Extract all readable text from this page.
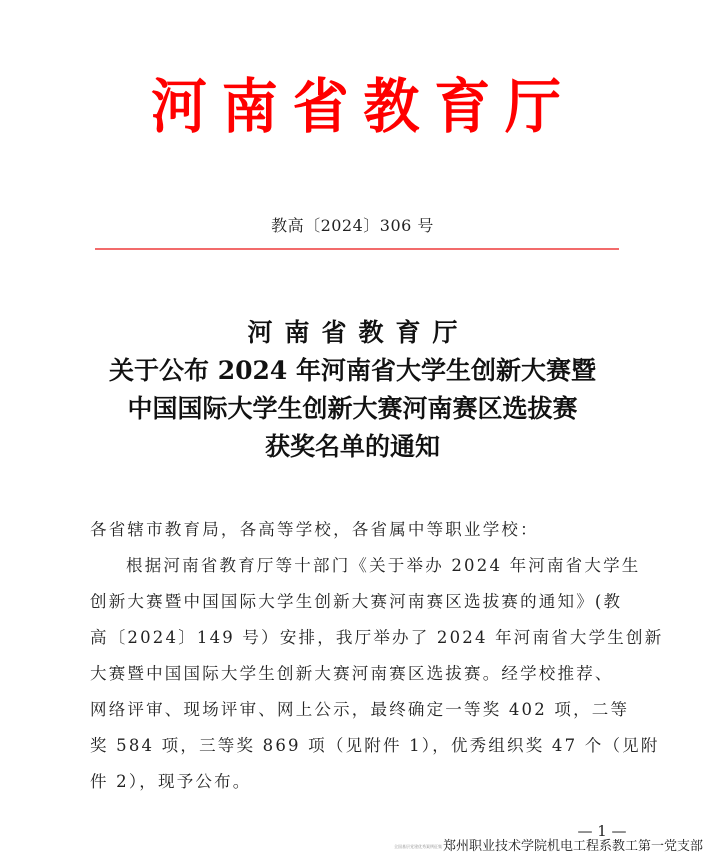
河 南 省 教 育 厅
教高〔2024〕306 号
河南省教育厅
关于公布 2024 年河南省大学生创新大赛暨
中国国际大学生创新大赛河南赛区选拔赛
获奖名单的通知
各省辖市教育局，各高等学校，各省属中等职业学校：
根据河南省教育厅等十部门《关于举办 2024 年河南省大学生
创新大赛暨中国国际大学生创新大赛河南赛区选拔赛的通知》(教
高〔2024〕149 号）安排，我厅举办了 2024 年河南省大学生创新
大赛暨中国国际大学生创新大赛河南赛区选拔赛。经学校推荐、
网络评审、现场评审、网上公示，最终确定一等奖 402 项，二等
奖 584 项，三等奖 869 项（见附件 1），优秀组织奖 47 个（见附
件 2），现予公布。
— 1 —
全国基层党建优秀案例征集 郑州职业技术学院机电工程系教工第一党支部
